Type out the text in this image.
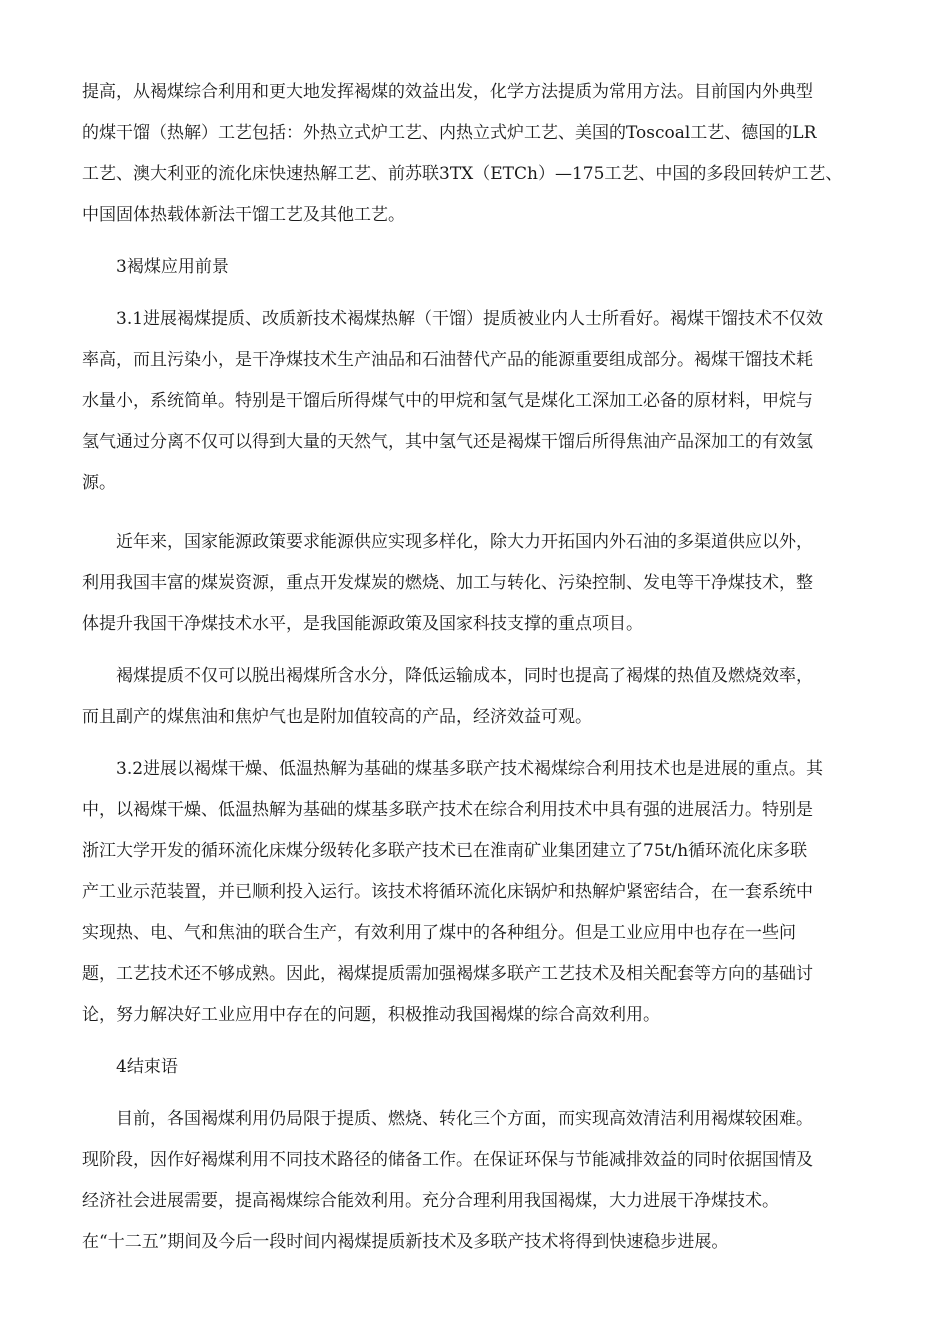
提高，从褐煤综合利用和更大地发挥褐煤的效益出发，化学方法提质为常用方法。目前国内外典型
的煤干馏（热解）工艺包括：外热立式炉工艺、内热立式炉工艺、美国的Toscoal工艺、德国的LR
工艺、澳大利亚的流化床快速热解工艺、前苏联3TX（ETCh）—175工艺、中国的多段回转炉工艺、
中国固体热载体新法干馏工艺及其他工艺。
3褐煤应用前景
3.1进展褐煤提质、改质新技术褐煤热解（干馏）提质被业内人士所看好。褐煤干馏技术不仅效
率高，而且污染小，是干净煤技术生产油品和石油替代产品的能源重要组成部分。褐煤干馏技术耗
水量小，系统简单。特别是干馏后所得煤气中的甲烷和氢气是煤化工深加工必备的原材料，甲烷与
氢气通过分离不仅可以得到大量的天然气，其中氢气还是褐煤干馏后所得焦油产品深加工的有效氢
源。
近年来，国家能源政策要求能源供应实现多样化，除大力开拓国内外石油的多渠道供应以外，
利用我国丰富的煤炭资源，重点开发煤炭的燃烧、加工与转化、污染控制、发电等干净煤技术，整
体提升我国干净煤技术水平，是我国能源政策及国家科技支撑的重点项目。
褐煤提质不仅可以脱出褐煤所含水分，降低运输成本，同时也提高了褐煤的热值及燃烧效率，
而且副产的煤焦油和焦炉气也是附加值较高的产品，经济效益可观。
3.2进展以褐煤干燥、低温热解为基础的煤基多联产技术褐煤综合利用技术也是进展的重点。其
中，以褐煤干燥、低温热解为基础的煤基多联产技术在综合利用技术中具有强的进展活力。特别是
浙江大学开发的循环流化床煤分级转化多联产技术已在淮南矿业集团建立了75t/h循环流化床多联
产工业示范装置，并已顺利投入运行。该技术将循环流化床锅炉和热解炉紧密结合，在一套系统中
实现热、电、气和焦油的联合生产，有效利用了煤中的各种组分。但是工业应用中也存在一些问
题，工艺技术还不够成熟。因此，褐煤提质需加强褐煤多联产工艺技术及相关配套等方向的基础讨
论，努力解决好工业应用中存在的问题，积极推动我国褐煤的综合高效利用。
4结束语
目前，各国褐煤利用仍局限于提质、燃烧、转化三个方面，而实现高效清洁利用褐煤较困难。
现阶段，因作好褐煤利用不同技术路径的储备工作。在保证环保与节能减排效益的同时依据国情及
经济社会进展需要，提高褐煤综合能效利用。充分合理利用我国褐煤，大力进展干净煤技术。
在“十二五”期间及今后一段时间内褐煤提质新技术及多联产技术将得到快速稳步进展。
